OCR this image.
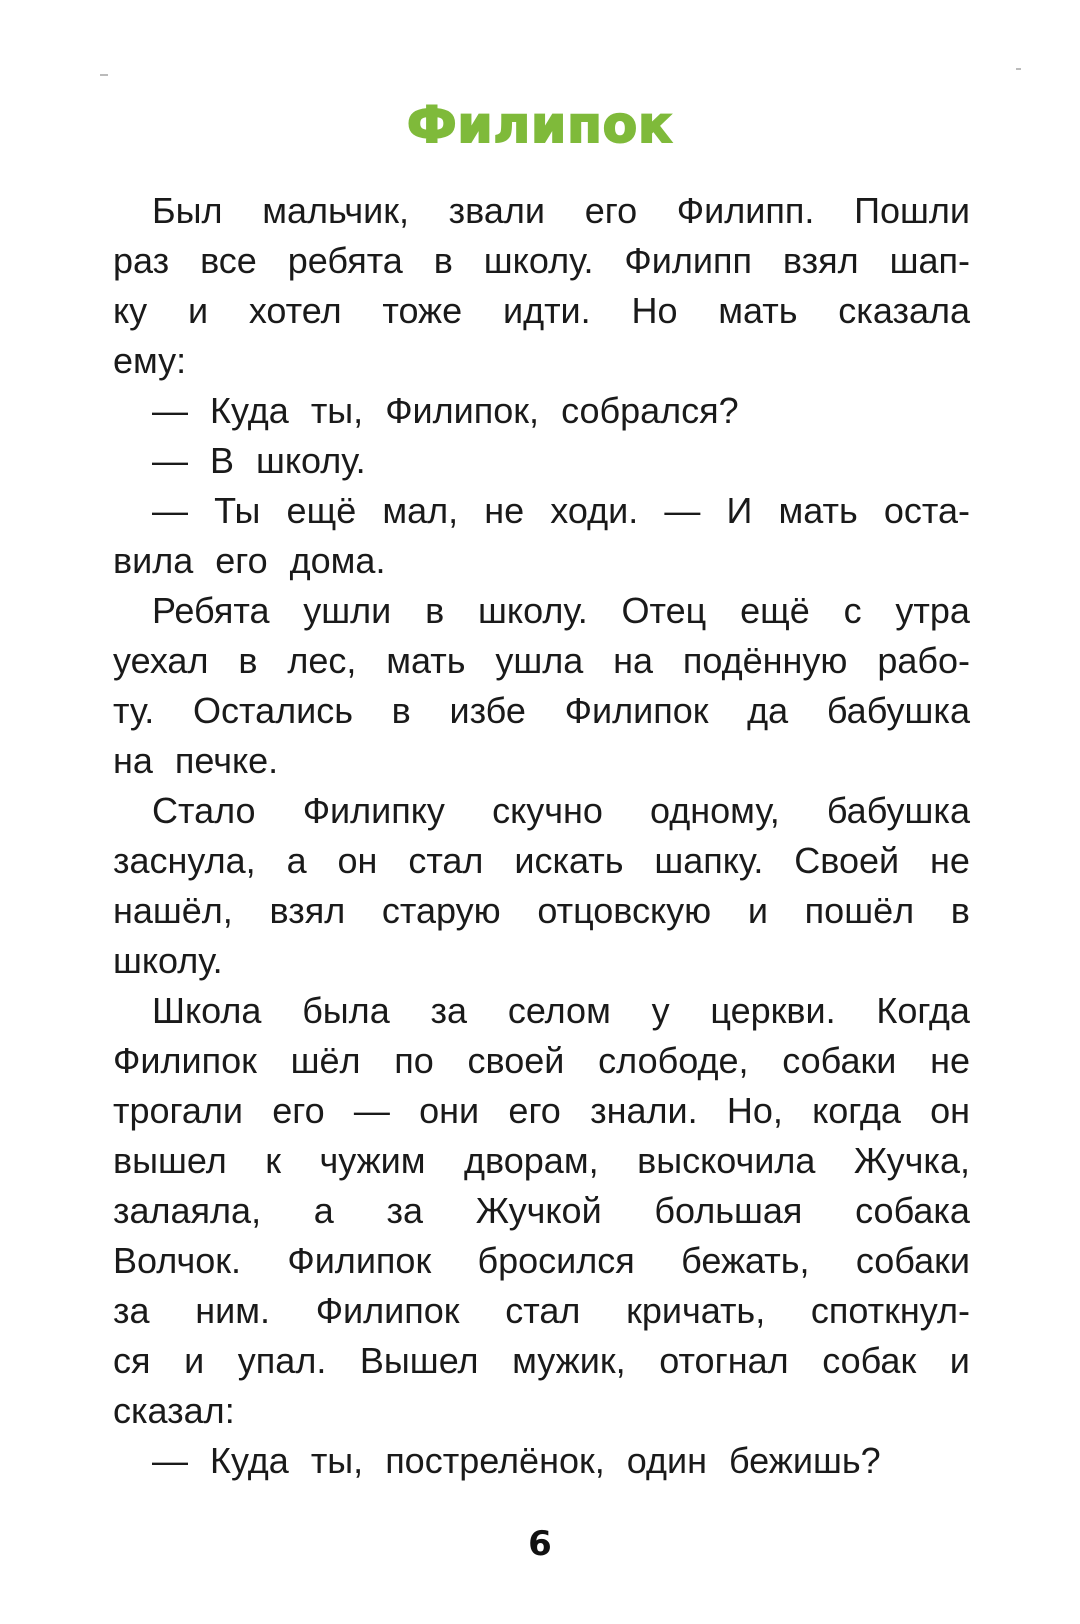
Филипок
Был мальчик, звали его Филипп. Пошли
раз все ребята в школу. Филипп взял шап-
ку и хотел тоже идти. Но мать сказала
ему:
— Куда ты, Филипок, собрался?
— В школу.
— Ты ещё мал, не ходи. — И мать оста-
вила его дома.
Ребята ушли в школу. Отец ещё с утра
уехал в лес, мать ушла на подённую рабо-
ту. Остались в избе Филипок да бабушка
на печке.
Стало Филипку скучно одному, бабушка
заснула, а он стал искать шапку. Своей не
нашёл, взял старую отцовскую и пошёл в
школу.
Школа была за селом у церкви. Когда
Филипок шёл по своей слободе, собаки не
трогали его — они его знали. Но, когда он
вышел к чужим дворам, выскочила Жучка,
залаяла, а за Жучкой большая собака
Волчок. Филипок бросился бежать, собаки
за ним. Филипок стал кричать, споткнул-
ся и упал. Вышел мужик, отогнал собак и
сказал:
— Куда ты, пострелёнок, один бежишь?
6
